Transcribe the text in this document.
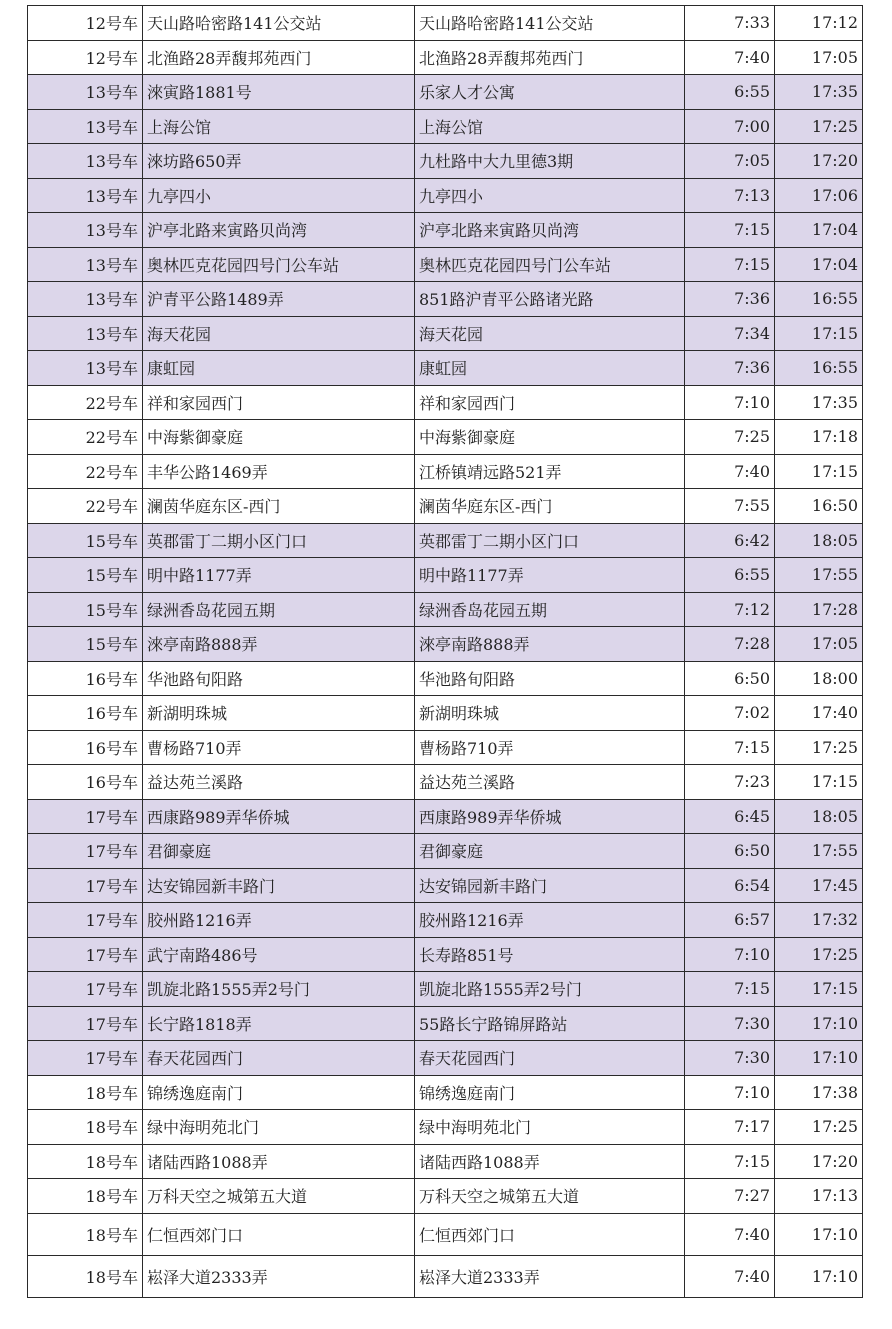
12号车	天山路哈密路141公交站	天山路哈密路141公交站	7:33	17:12
12号车	北渔路28弄馥邦苑西门	北渔路28弄馥邦苑西门	7:40	17:05
13号车	淶寅路1881号	乐家人才公寓	6:55	17:35
13号车	上海公馆	上海公馆	7:00	17:25
13号车	淶坊路650弄	九杜路中大九里德3期	7:05	17:20
13号车	九亭四小	九亭四小	7:13	17:06
13号车	沪亭北路来寅路贝尚湾	沪亭北路来寅路贝尚湾	7:15	17:04
13号车	奥林匹克花园四号门公车站	奥林匹克花园四号门公车站	7:15	17:04
13号车	沪青平公路1489弄	851路沪青平公路诸光路	7:36	16:55
13号车	海天花园	海天花园	7:34	17:15
13号车	康虹园	康虹园	7:36	16:55
22号车	祥和家园西门	祥和家园西门	7:10	17:35
22号车	中海紫御豪庭	中海紫御豪庭	7:25	17:18
22号车	丰华公路1469弄	江桥镇靖远路521弄	7:40	17:15
22号车	澜茵华庭东区-西门	澜茵华庭东区-西门	7:55	16:50
15号车	英郡雷丁二期小区门口	英郡雷丁二期小区门口	6:42	18:05
15号车	明中路1177弄	明中路1177弄	6:55	17:55
15号车	绿洲香岛花园五期	绿洲香岛花园五期	7:12	17:28
15号车	淶亭南路888弄	淶亭南路888弄	7:28	17:05
16号车	华池路旬阳路	华池路旬阳路	6:50	18:00
16号车	新湖明珠城	新湖明珠城	7:02	17:40
16号车	曹杨路710弄	曹杨路710弄	7:15	17:25
16号车	益达苑兰溪路	益达苑兰溪路	7:23	17:15
17号车	西康路989弄华侨城	西康路989弄华侨城	6:45	18:05
17号车	君御豪庭	君御豪庭	6:50	17:55
17号车	达安锦园新丰路门	达安锦园新丰路门	6:54	17:45
17号车	胶州路1216弄	胶州路1216弄	6:57	17:32
17号车	武宁南路486号	长寿路851号	7:10	17:25
17号车	凯旋北路1555弄2号门	凯旋北路1555弄2号门	7:15	17:15
17号车	长宁路1818弄	55路长宁路锦屏路站	7:30	17:10
17号车	春天花园西门	春天花园西门	7:30	17:10
18号车	锦绣逸庭南门	锦绣逸庭南门	7:10	17:38
18号车	绿中海明苑北门	绿中海明苑北门	7:17	17:25
18号车	诸陆西路1088弄	诸陆西路1088弄	7:15	17:20
18号车	万科天空之城第五大道	万科天空之城第五大道	7:27	17:13
18号车	仁恒西郊门口	仁恒西郊门口	7:40	17:10
18号车	崧泽大道2333弄	崧泽大道2333弄	7:40	17:10
